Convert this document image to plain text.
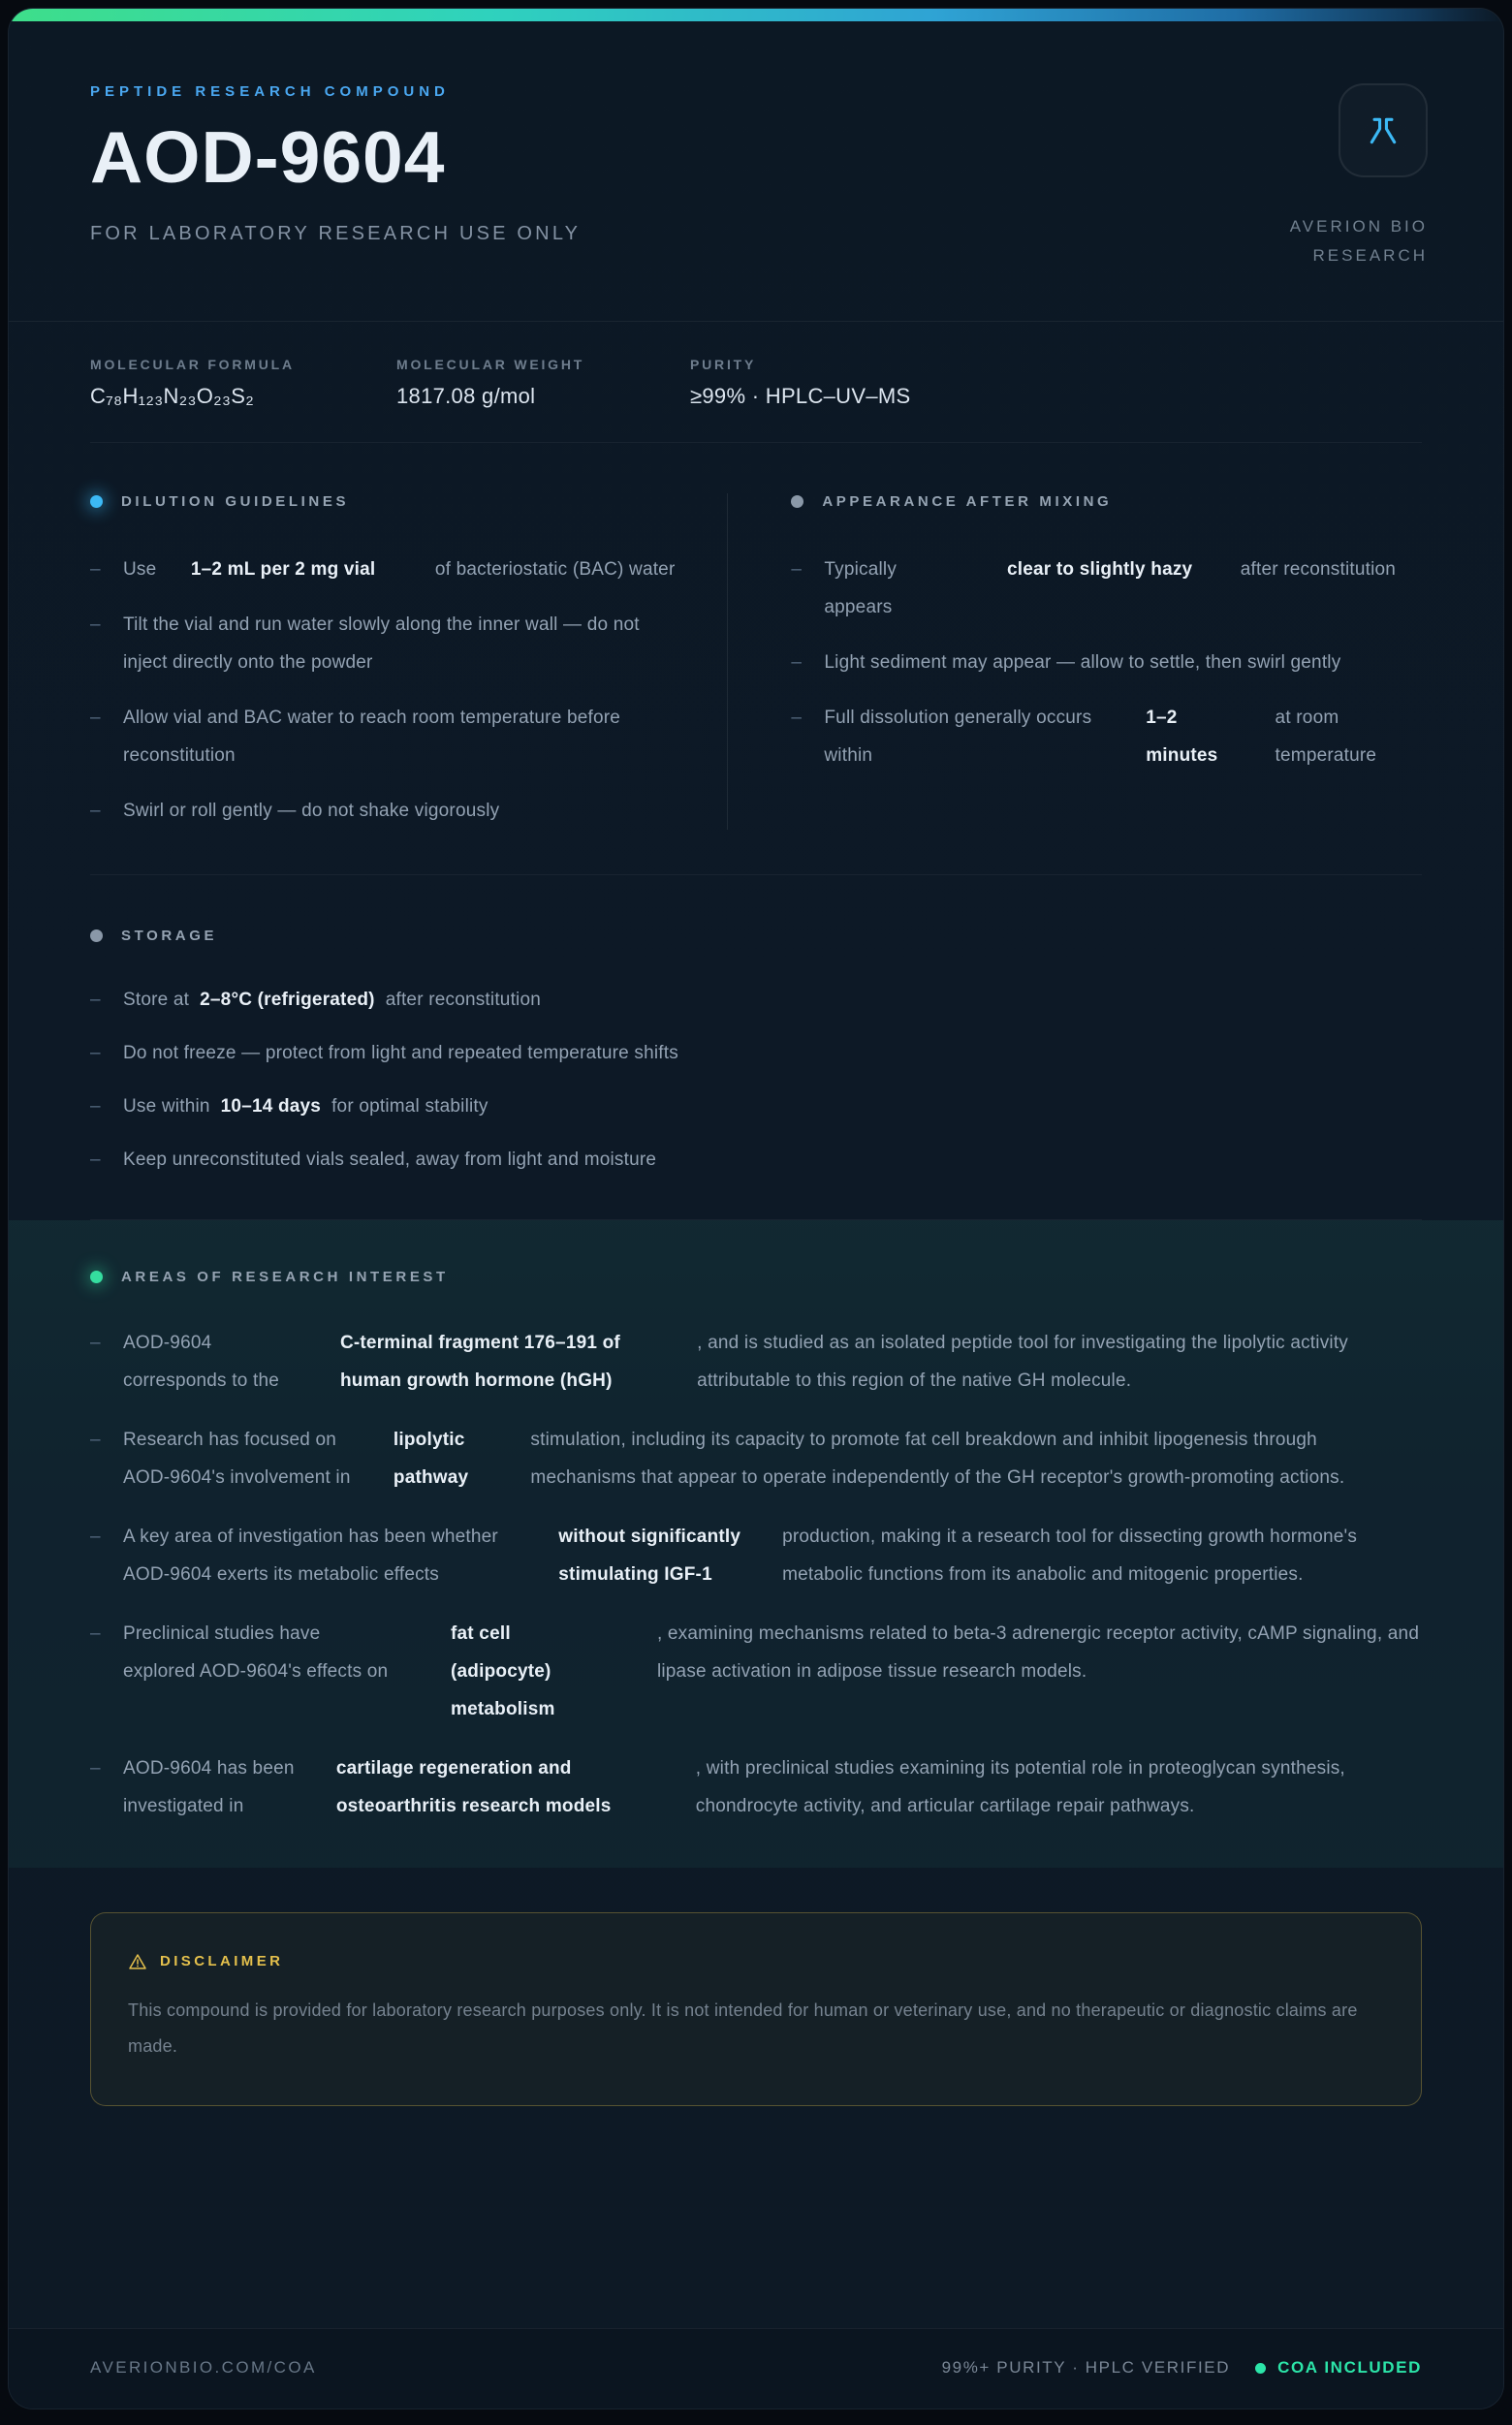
PEPTIDE RESEARCH COMPOUND
AOD-9604
FOR LABORATORY RESEARCH USE ONLY	AVERION BIO
RESEARCH
MOLECULAR FORMULA
C₇₈H₁₂₃N₂₃O₂₃S₂
MOLECULAR WEIGHT
1817.08 g/mol
PURITY
≥99% · HPLC–UV–MS
DILUTION GUIDELINES
–	Use	1–2 mL per 2 mg vial	of bacteriostatic (BAC) water
–	Tilt the vial and run water slowly along the inner wall — do not inject directly onto the powder
–	Allow vial and BAC water to reach room temperature before reconstitution
–	Swirl or roll gently — do not shake vigorously
APPEARANCE AFTER MIXING
–	Typically appears
clear to slightly hazy	after reconstitution
–	Light sediment may appear — allow to settle, then swirl gently
–	Full dissolution generally occurs within
1–2 minutes
at room temperature
STORAGE
–	Store at 2–8°C (refrigerated) after reconstitution
–	Do not freeze — protect from light and repeated temperature shifts
–	Use within 10–14 days for optimal stability
–	Keep unreconstituted vials sealed, away from light and moisture
AREAS OF RESEARCH INTEREST
–	AOD-9604 corresponds to the
C-terminal fragment 176–191 of human growth hormone (hGH)
, and is studied as an isolated peptide tool for investigating the lipolytic activity attributable to this region of the native GH molecule.
–	Research has focused on AOD-9604's involvement in
lipolytic pathway
stimulation, including its capacity to promote fat cell breakdown and inhibit lipogenesis through mechanisms that appear to operate independently of the GH receptor's growth-promoting actions.
–	A key area of investigation has been whether AOD-9604 exerts its metabolic effects
without significantly stimulating IGF-1
production, making it a research tool for dissecting growth hormone's metabolic functions from its anabolic and mitogenic properties.
–	Preclinical studies have explored AOD-9604's effects on
fat cell (adipocyte) metabolism
, examining mechanisms related to beta-3 adrenergic receptor activity, cAMP signaling, and lipase activation in adipose tissue research models.
–	AOD-9604 has been investigated in
cartilage regeneration and osteoarthritis research models
, with preclinical studies examining its potential role in proteoglycan synthesis, chondrocyte activity, and articular cartilage repair pathways.
DISCLAIMER

This compound is provided for laboratory research purposes only. It is not intended for human or veterinary use, and no therapeutic or diagnostic claims are made.

AVERIONBIO.COM/COA	99%+ PURITY · HPLC VERIFIED	COA INCLUDED
